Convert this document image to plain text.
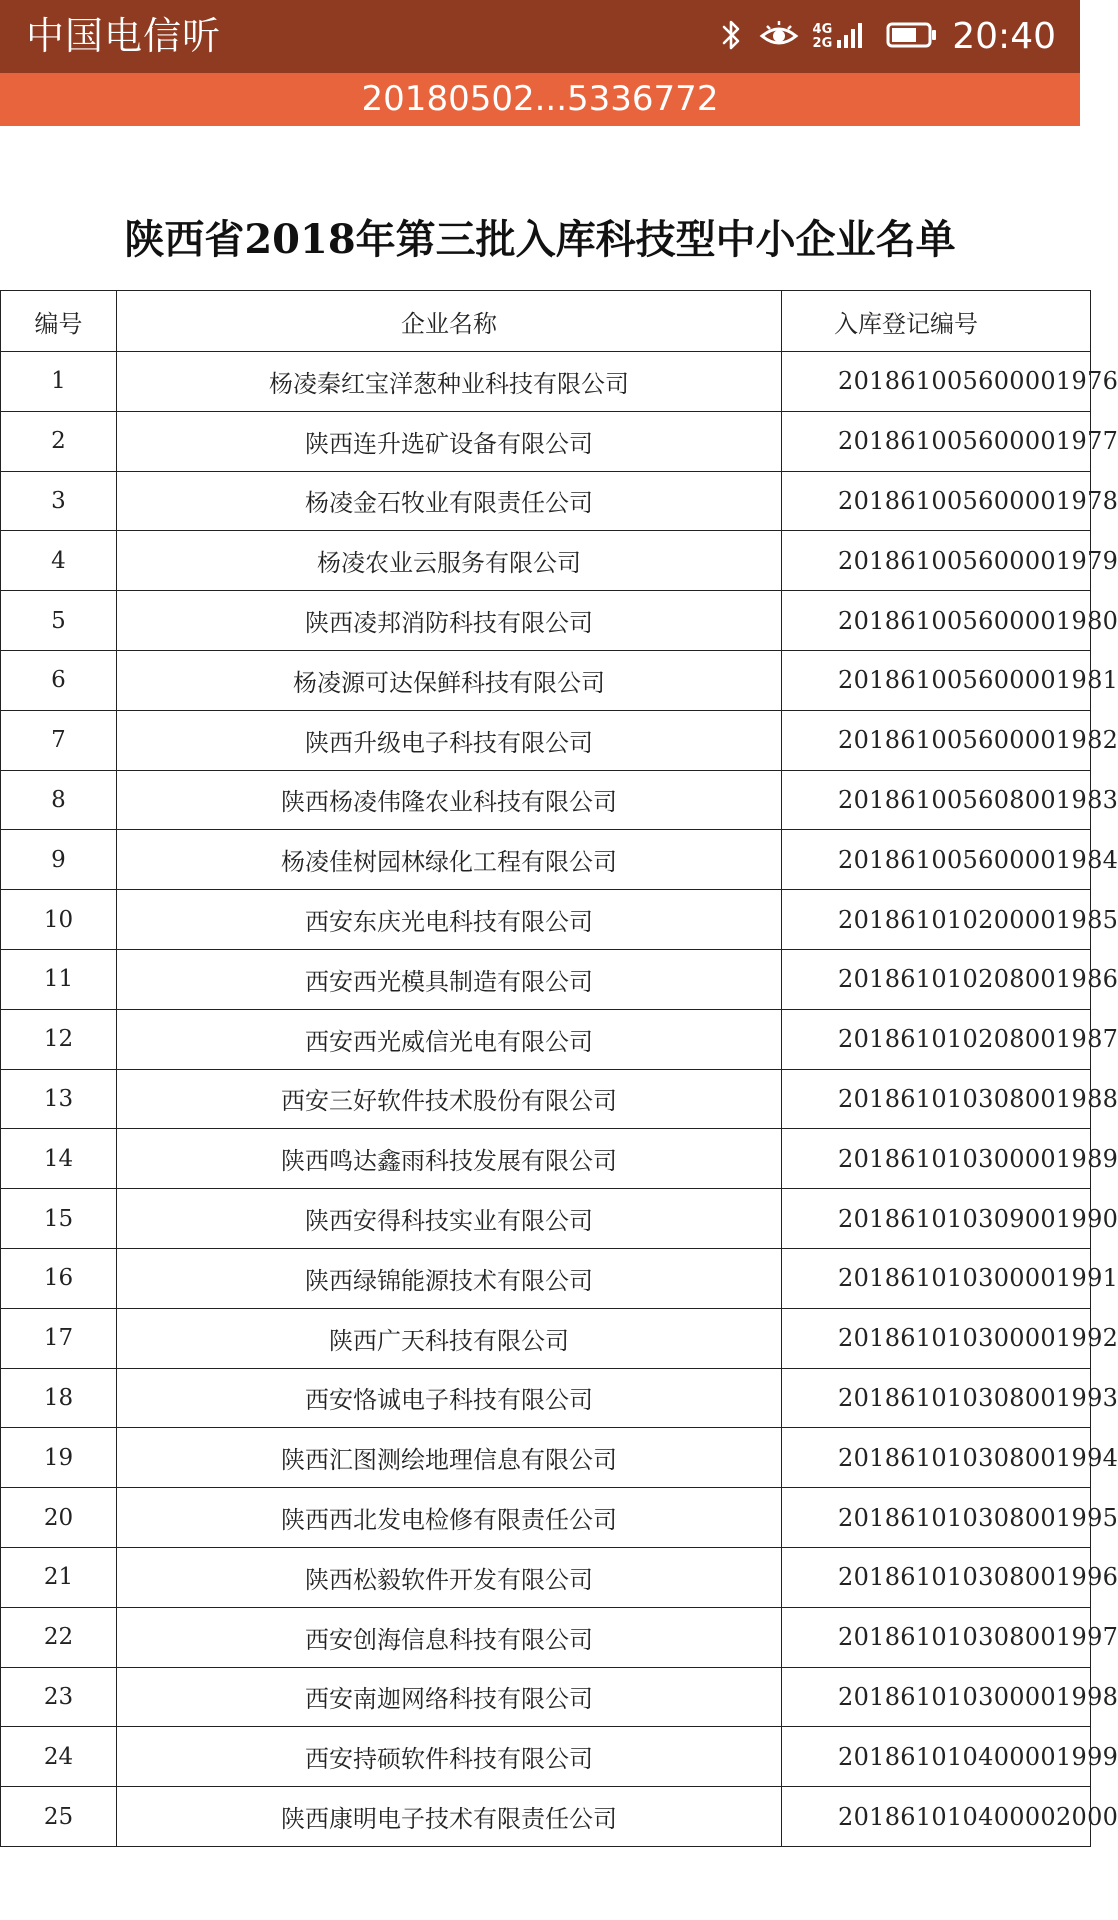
中国电信听	4G
2G	20:40
20180502...5336772
陕西省2018年第三批入库科技型中小企业名单
编号	企业名称	入库登记编号
1	杨凌秦红宝洋葱种业科技有限公司	201861005600001976
2	陕西连升选矿设备有限公司	201861005600001977
3	杨凌金石牧业有限责任公司	201861005600001978
4	杨凌农业云服务有限公司	201861005600001979
5	陕西凌邦消防科技有限公司	201861005600001980
6	杨凌源可达保鲜科技有限公司	201861005600001981
7	陕西升级电子科技有限公司	201861005600001982
8	陕西杨凌伟隆农业科技有限公司	201861005608001983
9	杨凌佳树园林绿化工程有限公司	201861005600001984
10	西安东庆光电科技有限公司	201861010200001985
11	西安西光模具制造有限公司	201861010208001986
12	西安西光威信光电有限公司	201861010208001987
13	西安三好软件技术股份有限公司	201861010308001988
14	陕西鸣达鑫雨科技发展有限公司	201861010300001989
15	陕西安得科技实业有限公司	201861010309001990
16	陕西绿锦能源技术有限公司	201861010300001991
17	陕西广天科技有限公司	201861010300001992
18	西安恪诚电子科技有限公司	201861010308001993
19	陕西汇图测绘地理信息有限公司	201861010308001994
20	陕西西北发电检修有限责任公司	201861010308001995
21	陕西松毅软件开发有限公司	201861010308001996
22	西安创海信息科技有限公司	201861010308001997
23	西安南迦网络科技有限公司	201861010300001998
24	西安持硕软件科技有限公司	201861010400001999
25	陕西康明电子技术有限责任公司	201861010400002000
